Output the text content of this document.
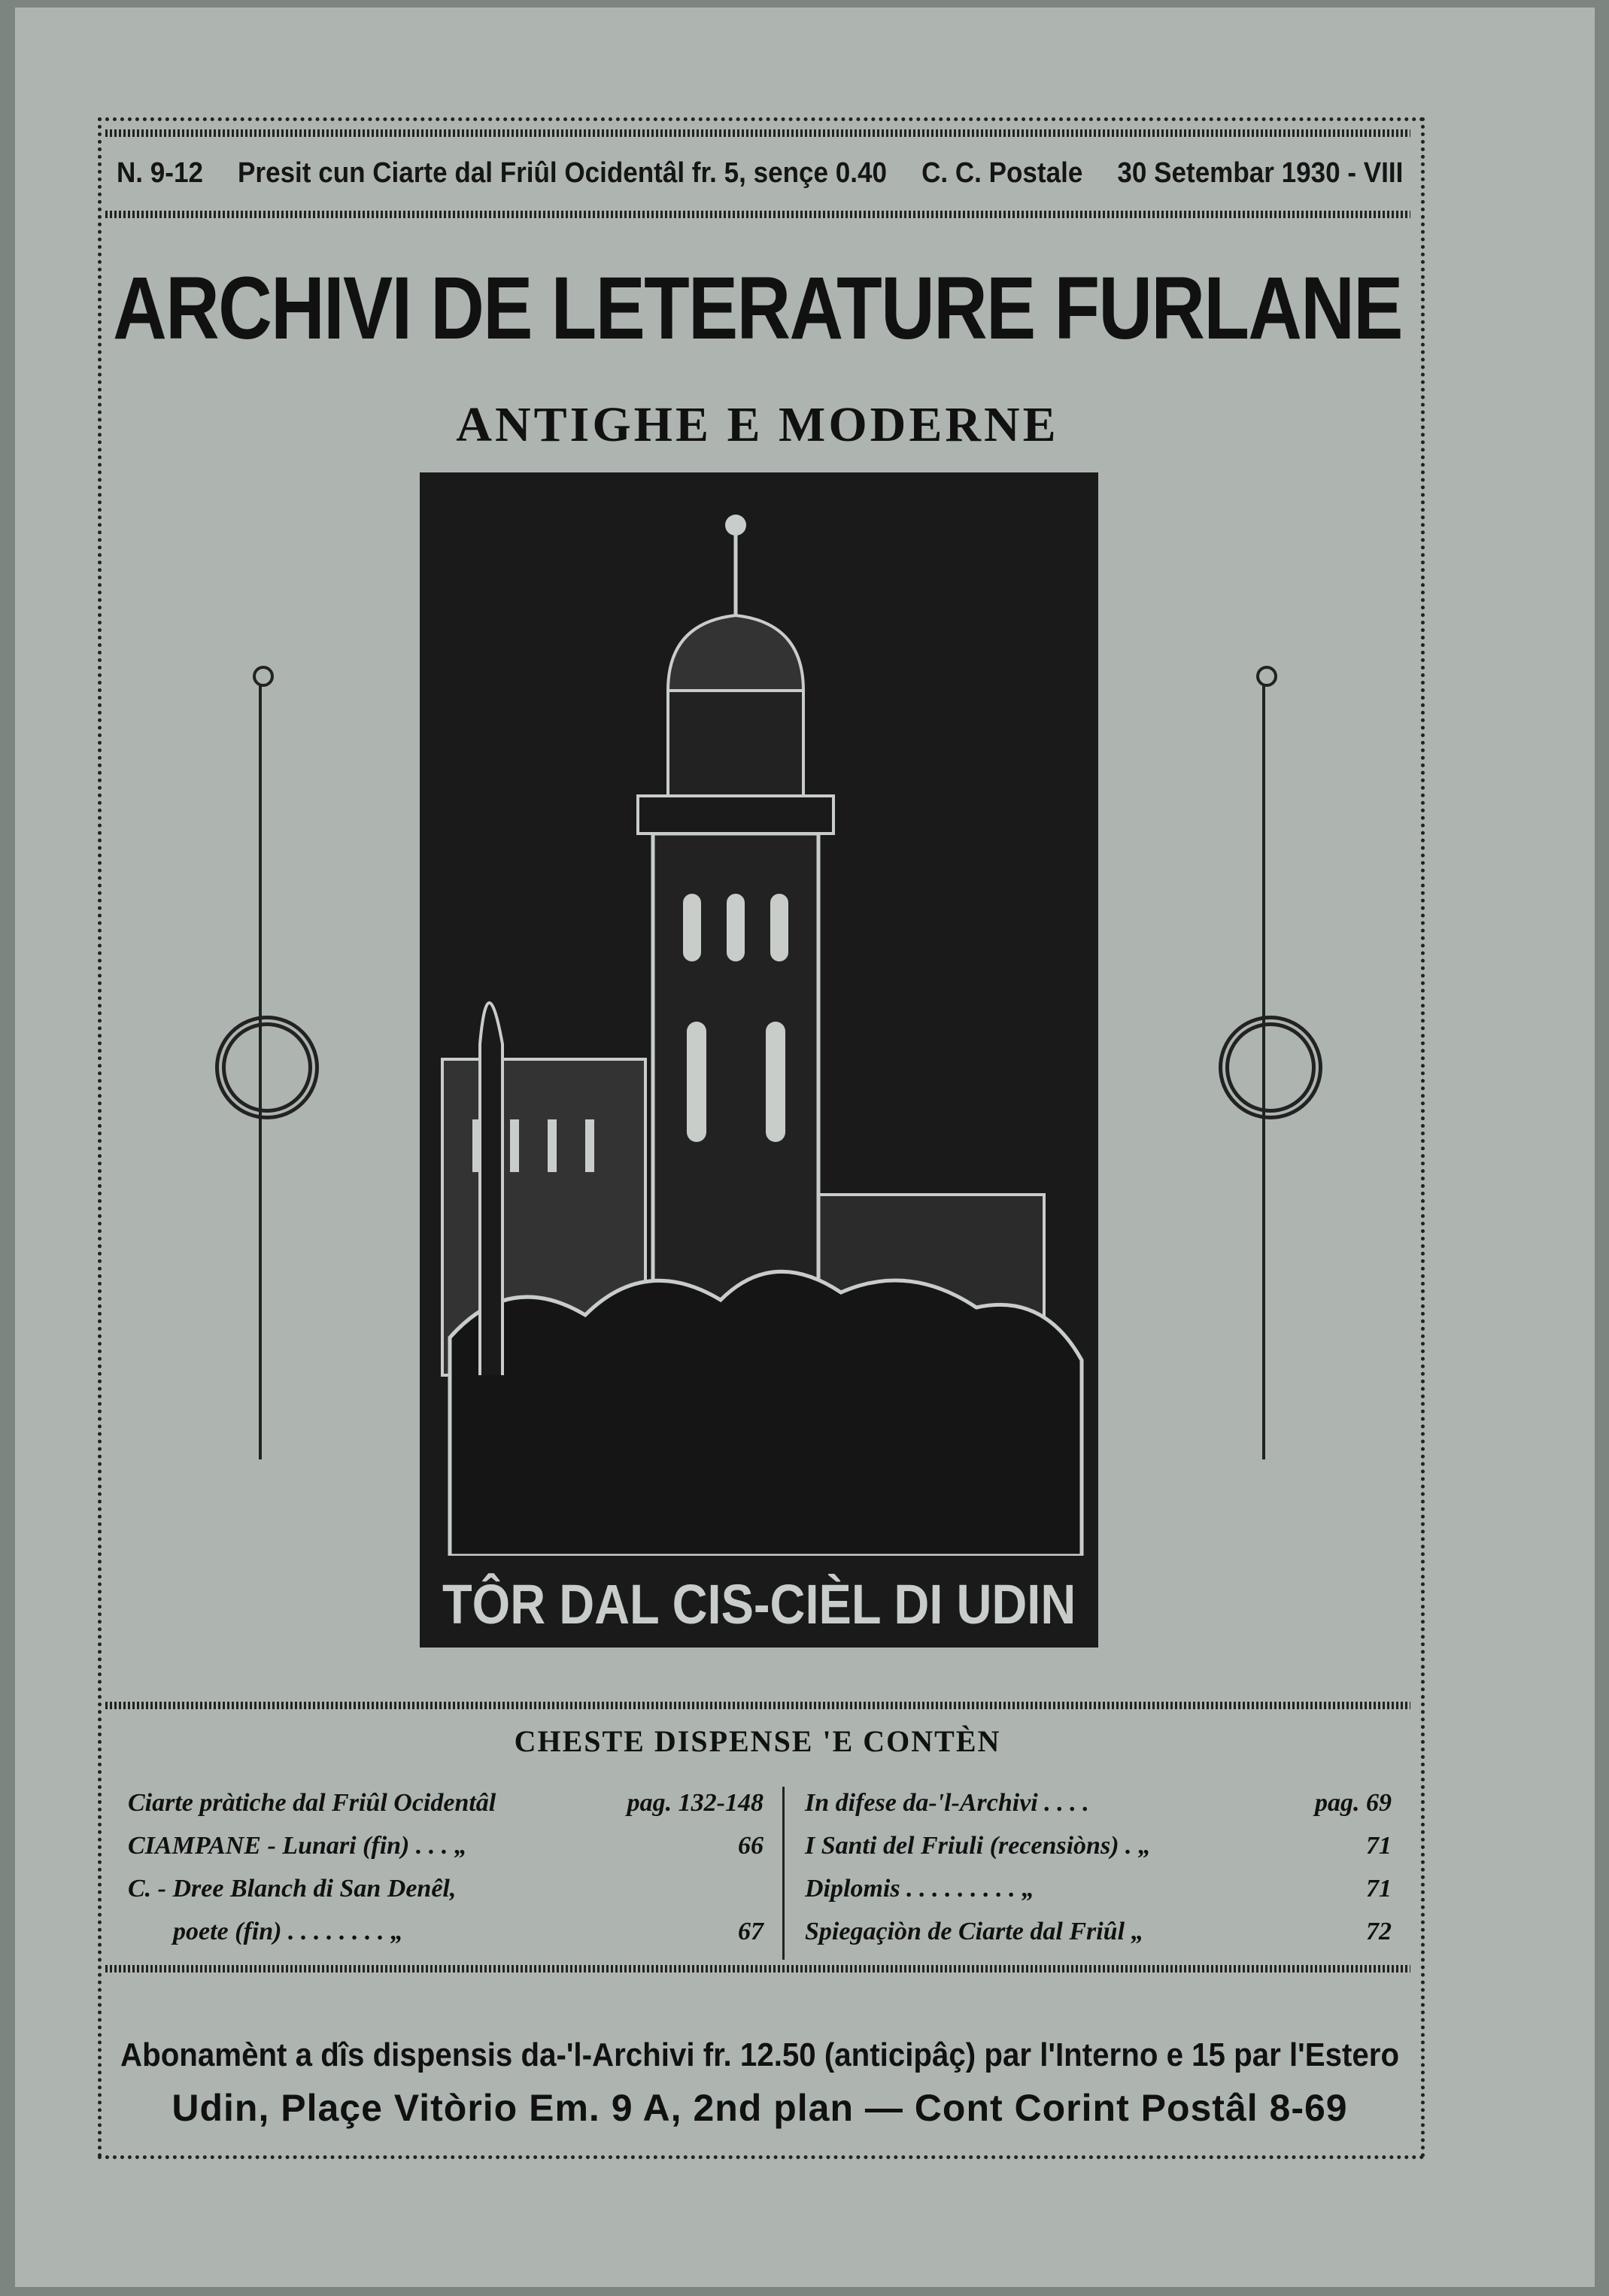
N. 9-12 Presit cun Ciarte dal Friûl Ocidentâl fr. 5, sençe 0.40 C. C. Postale 30 Setembar 1930 - VIII
ARCHIVI DE LETERATURE FURLANE
ANTIGHE E MODERNE
TÔR DAL CIS-CIÈL DI UDIN
CHESTE DISPENSE 'E CONTÈN
Ciarte pràtiche dal Friûl Ocidentâl	pag. 132-148
CIAMPANE - Lunari (fin) . . . „	66
C. - Dree Blanch di San Denêl,
poete (fin) . . . . . . . . „	67
In difese da-'l-Archivi . . . .	pag. 69
I Santi del Friuli (recensiòns) . „	71
Diplomis . . . . . . . . . „	71
Spiegaçiòn de Ciarte dal Friûl „	72
Abonamènt a dîs dispensis da-'l-Archivi fr. 12.50 (anticipâç) par l'Interno e 15 par l'Estero
Udin, Plaçe Vitòrio Em. 9 A, 2nd plan — Cont Corint Postâl 8-69
